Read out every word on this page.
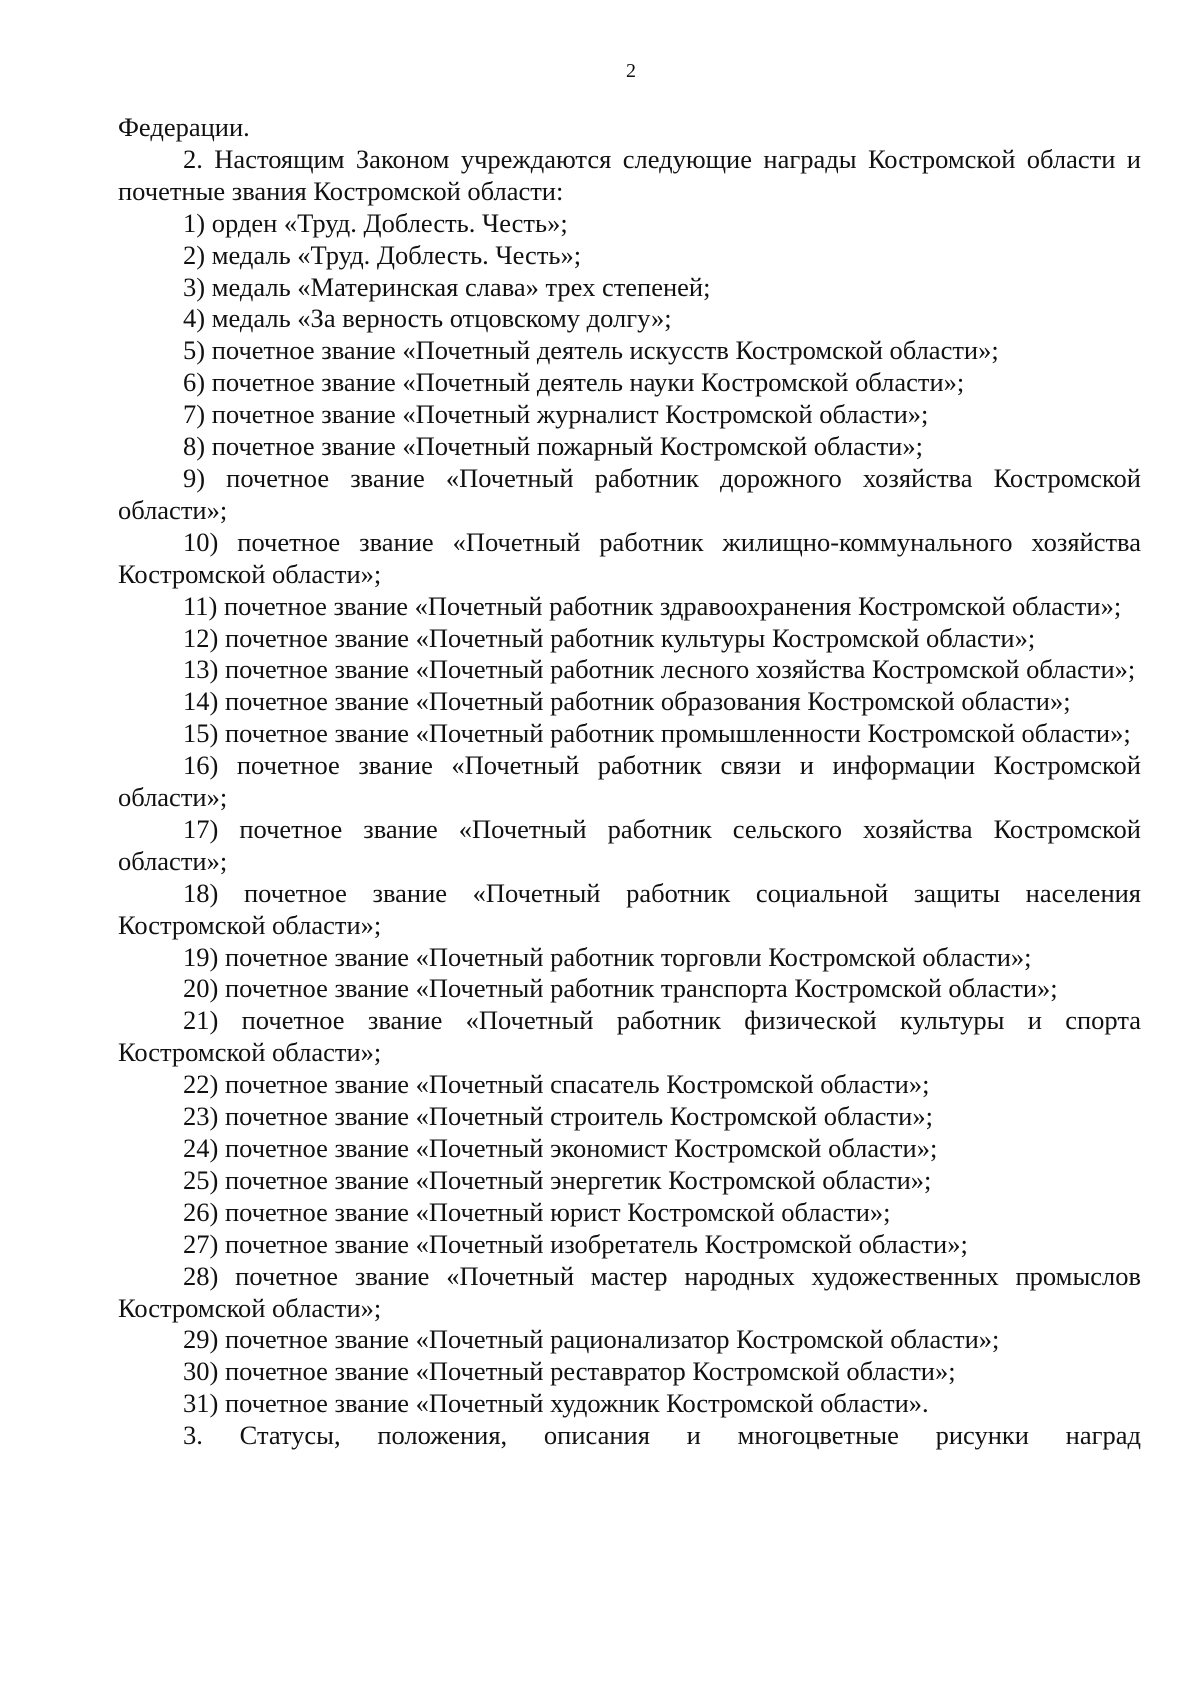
2

Федерации.

2. Настоящим Законом учреждаются следующие награды Костромской области и почетные звания Костромской области:

1) орден «Труд. Доблесть. Честь»;

2) медаль «Труд. Доблесть. Честь»;

3) медаль «Материнская слава» трех степеней;

4) медаль «За верность отцовскому долгу»;

5) почетное звание «Почетный деятель искусств Костромской области»;

6) почетное звание «Почетный деятель науки Костромской области»;

7) почетное звание «Почетный журналист Костромской области»;

8) почетное звание «Почетный пожарный Костромской области»;

9) почетное звание «Почетный работник дорожного хозяйства Костромской области»;

10) почетное звание «Почетный работник жилищно-коммунального хозяйства Костромской области»;

11) почетное звание «Почетный работник здравоохранения Костромской области»;

12) почетное звание «Почетный работник культуры Костромской области»;

13) почетное звание «Почетный работник лесного хозяйства Костромской области»;

14) почетное звание «Почетный работник образования Костромской области»;

15) почетное звание «Почетный работник промышленности Костромской области»;

16) почетное звание «Почетный работник связи и информации Костромской области»;

17) почетное звание «Почетный работник сельского хозяйства Костромской области»;

18) почетное звание «Почетный работник социальной защиты населения Костромской области»;

19) почетное звание «Почетный работник торговли Костромской области»;

20) почетное звание «Почетный работник транспорта Костромской области»;

21) почетное звание «Почетный работник физической культуры и спорта Костромской области»;

22) почетное звание «Почетный спасатель Костромской области»;

23) почетное звание «Почетный строитель Костромской области»;

24) почетное звание «Почетный экономист Костромской области»;

25) почетное звание «Почетный энергетик Костромской области»;

26) почетное звание «Почетный юрист Костромской области»;

27) почетное звание «Почетный изобретатель Костромской области»;

28) почетное звание «Почетный мастер народных художественных промыслов Костромской области»;

29) почетное звание «Почетный рационализатор Костромской области»;

30) почетное звание «Почетный реставратор Костромской области»;

31) почетное звание «Почетный художник Костромской области».

3. Статусы, положения, описания и многоцветные рисунки наград
